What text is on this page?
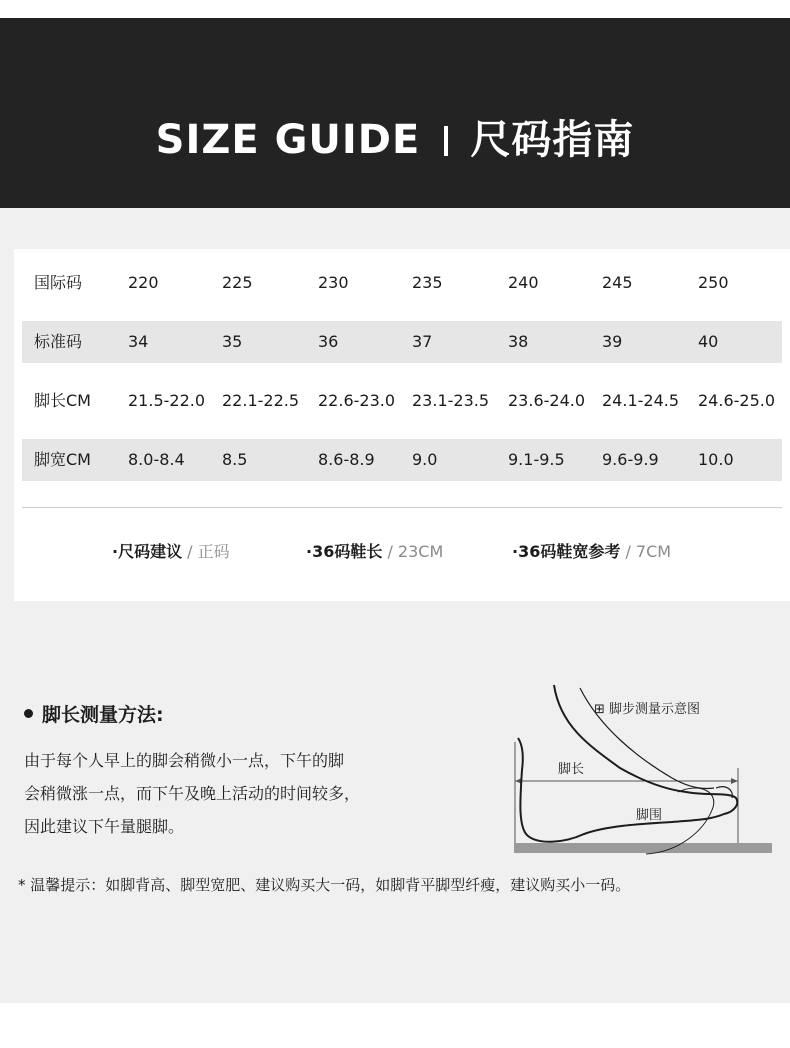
SIZE GUIDE 尺码指南
国际码	220	225	230	235	240	245	250
标准码	34	35	36	37	38	39	40
脚长CM 21.5-22.0 22.1-22.5 22.6-23.0 23.1-23.5 23.6-24.0 24.1-24.5 24.6-25.0
脚宽CM 8.0-8.4 8.5	8.6-8.9 9.0	9.1-9.5 9.6-9.9 10.0
·尺码建议 / 正码	·36码鞋长 / 23CM	·36码鞋宽参考 / 7CM
脚长测量方法:

由于每个人早上的脚会稍微小一点，下午的脚

会稍微涨一点，而下午及晚上活动的时间较多，

因此建议下午量腿脚。

⊞ 脚步测量示意图
脚长
脚围
* 温馨提示：如脚背高、脚型宽肥、建议购买大一码，如脚背平脚型纤瘦，建议购买小一码。
